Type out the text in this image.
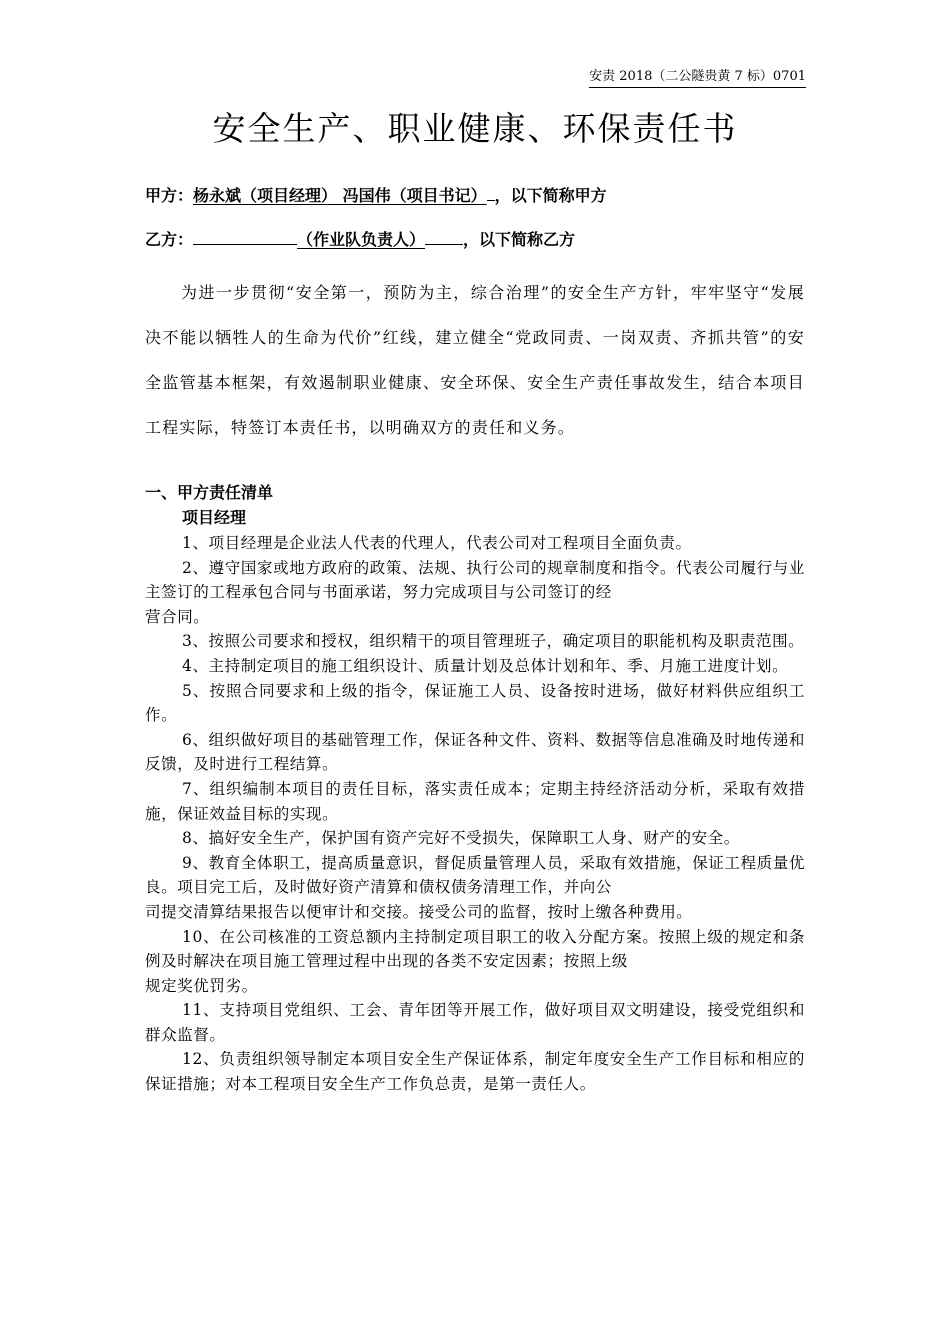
安责 2018（二公隧贵黄 7 标）0701
安全生产、职业健康、环保责任书
甲方：杨永斌（项目经理） 冯国伟（项目书记） ，以下简称甲方
乙方：	（作业队负责人） ，以下简称乙方

为进一步贯彻“安全第一，预防为主，综合治理”的安全生产方针，牢牢坚守“发展决不能以牺牲人的生命为代价”红线，建立健全“党政同责、一岗双责、齐抓共管”的安全监管基本框架，有效遏制职业健康、安全环保、安全生产责任事故发生，结合本项目工程实际，特签订本责任书，以明确双方的责任和义务。

一、甲方责任清单
项目经理

1、项目经理是企业法人代表的代理人，代表公司对工程项目全面负责。

2、遵守国家或地方政府的政策、法规、执行公司的规章制度和指令。代表公司履行与业主签订的工程承包合同与书面承诺，努力完成项目与公司签订的经
营合同。

3、按照公司要求和授权，组织精干的项目管理班子，确定项目的职能机构及职责范围。

4、主持制定项目的施工组织设计、质量计划及总体计划和年、季、月施工进度计划。

5、按照合同要求和上级的指令，保证施工人员、设备按时进场，做好材料供应组织工作。

6、组织做好项目的基础管理工作，保证各种文件、资料、数据等信息准确及时地传递和反馈，及时进行工程结算。

7、组织编制本项目的责任目标，落实责任成本；定期主持经济活动分析，采取有效措施，保证效益目标的实现。

8、搞好安全生产，保护国有资产完好不受损失，保障职工人身、财产的安全。

9、教育全体职工，提高质量意识，督促质量管理人员，采取有效措施，保证工程质量优良。项目完工后，及时做好资产清算和债权债务清理工作，并向公
司提交清算结果报告以便审计和交接。接受公司的监督，按时上缴各种费用。

10、在公司核准的工资总额内主持制定项目职工的收入分配方案。按照上级的规定和条例及时解决在项目施工管理过程中出现的各类不安定因素；按照上级
规定奖优罚劣。

11、支持项目党组织、工会、青年团等开展工作，做好项目双文明建设，接受党组织和群众监督。

12、负责组织领导制定本项目安全生产保证体系，制定年度安全生产工作目标和相应的保证措施；对本工程项目安全生产工作负总责，是第一责任人。
